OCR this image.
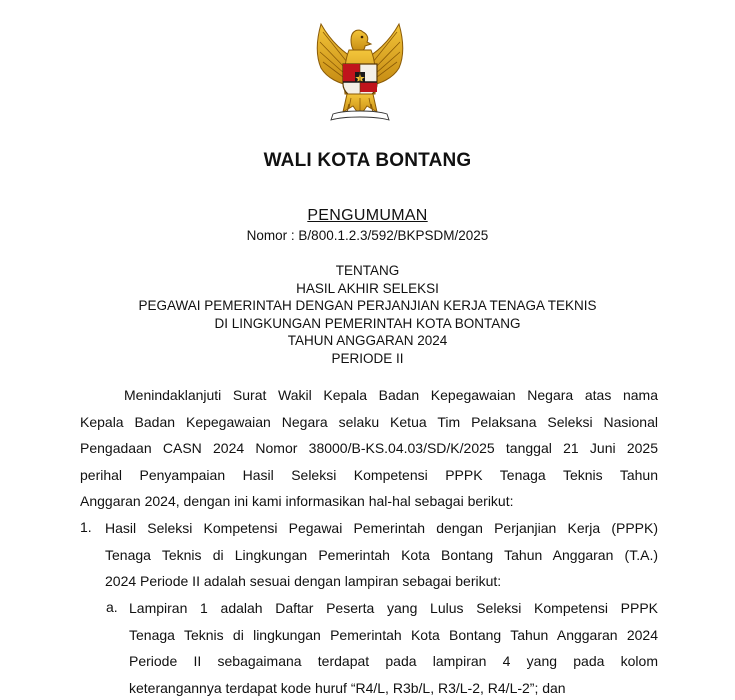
WALI KOTA BONTANG
PENGUMUMAN
Nomor : B/800.1.2.3/592/BKPSDM/2025
TENTANG
HASIL AKHIR SELEKSI
PEGAWAI PEMERINTAH DENGAN PERJANJIAN KERJA TENAGA TEKNIS
DI LINGKUNGAN PEMERINTAH KOTA BONTANG
TAHUN ANGGARAN 2024
PERIODE II
Menindaklanjuti Surat Wakil Kepala Badan Kepegawaian Negara atas nama
Kepala Badan Kepegawaian Negara selaku Ketua Tim Pelaksana Seleksi Nasional
Pengadaan CASN 2024 Nomor 38000/B-KS.04.03/SD/K/2025 tanggal 21 Juni 2025
perihal Penyampaian Hasil Seleksi Kompetensi PPPK Tenaga Teknis Tahun
Anggaran 2024, dengan ini kami informasikan hal-hal sebagai berikut:
1. Hasil Seleksi Kompetensi Pegawai Pemerintah dengan Perjanjian Kerja (PPPK)
Tenaga Teknis di Lingkungan Pemerintah Kota Bontang Tahun Anggaran (T.A.)
2024 Periode II adalah sesuai dengan lampiran sebagai berikut:
a. Lampiran 1 adalah Daftar Peserta yang Lulus Seleksi Kompetensi PPPK
Tenaga Teknis di lingkungan Pemerintah Kota Bontang Tahun Anggaran 2024
Periode II sebagaimana terdapat pada lampiran 4 yang pada kolom
keterangannya terdapat kode huruf “R4/L, R3b/L, R3/L-2, R4/L-2”; dan
